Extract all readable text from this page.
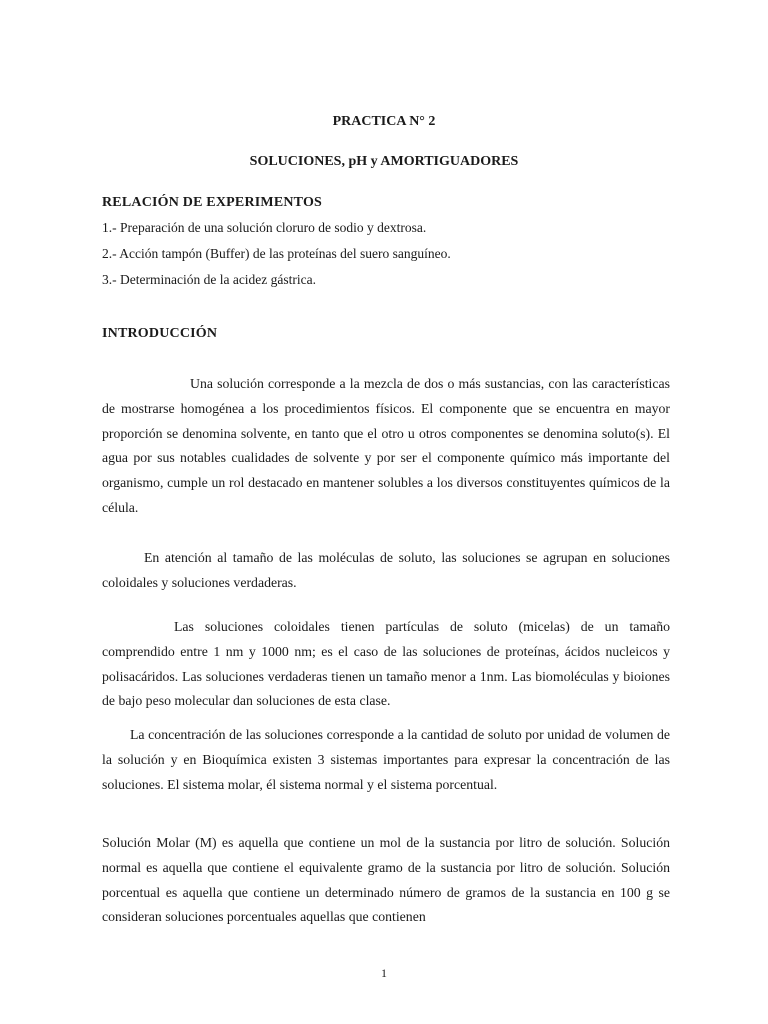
PRACTICA N° 2
SOLUCIONES, pH y AMORTIGUADORES
RELACIÓN DE EXPERIMENTOS
1.- Preparación de una solución cloruro de sodio y dextrosa.
2.- Acción tampón (Buffer) de las proteínas del suero sanguíneo.
3.- Determinación de la acidez gástrica.
INTRODUCCIÓN
Una solución corresponde a la mezcla de dos o más sustancias, con las características de mostrarse homogénea a los procedimientos físicos. El componente que se encuentra en mayor proporción se denomina solvente, en tanto que el otro u otros componentes se denomina soluto(s). El agua por sus notables cualidades de solvente y por ser el componente químico más importante del organismo, cumple un rol destacado en mantener solubles a los diversos constituyentes químicos de la célula.
En atención al tamaño de las moléculas de soluto, las soluciones se agrupan en soluciones coloidales y soluciones verdaderas.
Las soluciones coloidales tienen partículas de soluto (micelas) de un tamaño comprendido entre 1 nm y 1000 nm; es el caso de las soluciones de proteínas, ácidos nucleicos y polisacáridos. Las soluciones verdaderas tienen un tamaño menor a 1nm. Las biomoléculas y bioiones de bajo peso molecular dan soluciones de esta clase.
La concentración de las soluciones corresponde a la cantidad de soluto por unidad de volumen de la solución y en Bioquímica existen 3 sistemas importantes para expresar la concentración de las soluciones. El sistema molar, él sistema normal y el sistema porcentual.
Solución Molar (M) es aquella que contiene un mol de la sustancia por litro de solución. Solución normal es aquella que contiene el equivalente gramo de la sustancia por litro de solución. Solución porcentual es aquella que contiene un determinado número de gramos de la sustancia en 100 g se consideran soluciones porcentuales aquellas que contienen
1
